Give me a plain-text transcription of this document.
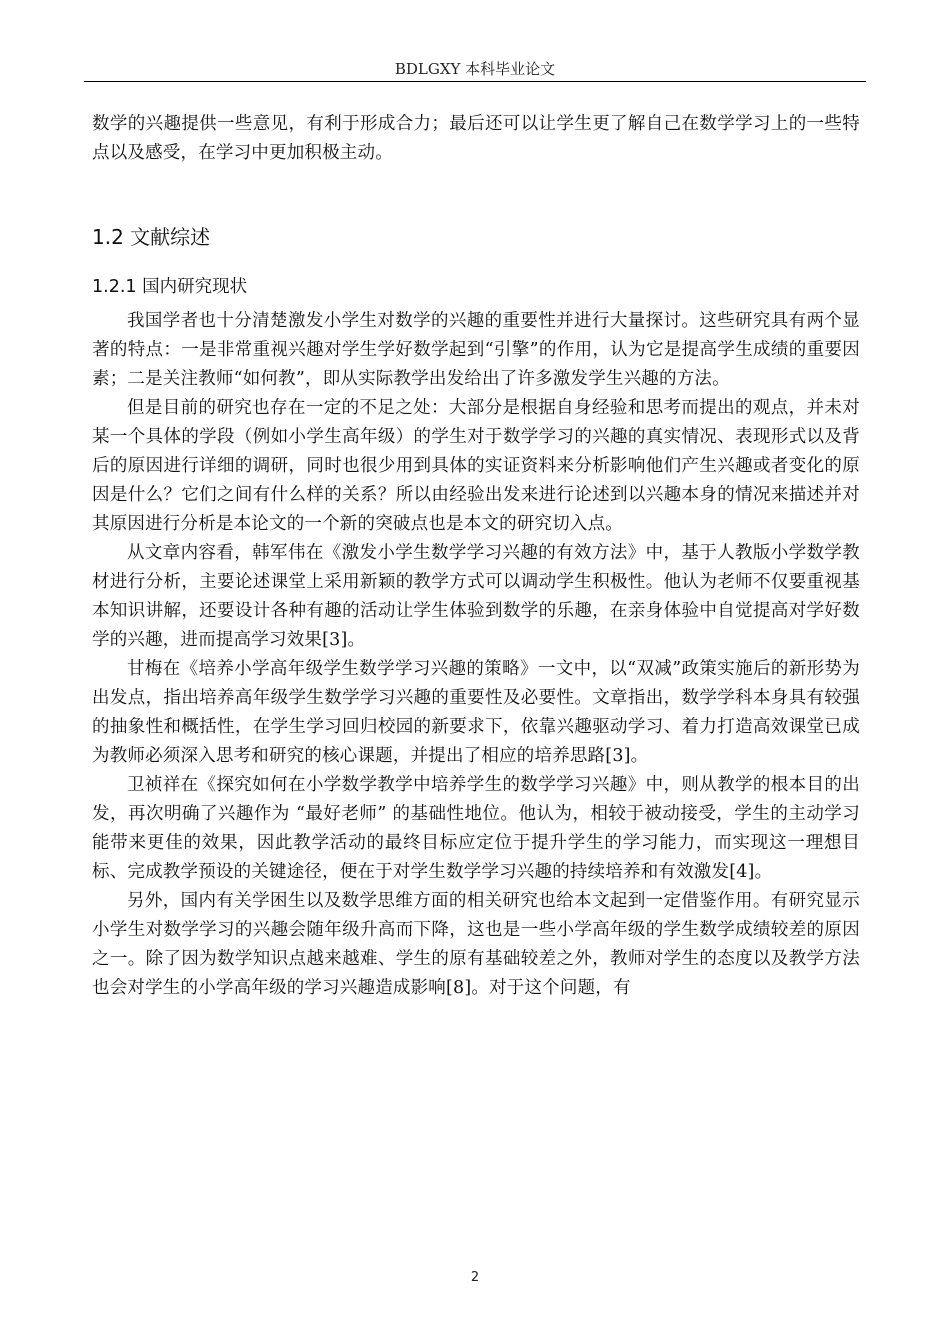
BDLGXY 本科毕业论文

数学的兴趣提供一些意见，有利于形成合力；最后还可以让学生更了解自己在数学学习上的一些特点以及感受，在学习中更加积极主动。

1.2 文献综述
1.2.1 国内研究现状

我国学者也十分清楚激发小学生对数学的兴趣的重要性并进行大量探讨。这些研究具有两个显著的特点：一是非常重视兴趣对学生学好数学起到“引擎”的作用，认为它是提高学生成绩的重要因素；二是关注教师“如何教”，即从实际教学出发给出了许多激发学生兴趣的方法。

但是目前的研究也存在一定的不足之处：大部分是根据自身经验和思考而提出的观点，并未对某一个具体的学段（例如小学生高年级）的学生对于数学学习的兴趣的真实情况、表现形式以及背后的原因进行详细的调研，同时也很少用到具体的实证资料来分析影响他们产生兴趣或者变化的原因是什么？它们之间有什么样的关系？所以由经验出发来进行论述到以兴趣本身的情况来描述并对其原因进行分析是本论文的一个新的突破点也是本文的研究切入点。

从文章内容看，韩军伟在《激发小学生数学学习兴趣的有效方法》中，基于人教版小学数学教材进行分析，主要论述课堂上采用新颖的教学方式可以调动学生积极性。他认为老师不仅要重视基本知识讲解，还要设计各种有趣的活动让学生体验到数学的乐趣，在亲身体验中自觉提高对学好数学的兴趣，进而提高学习效果[3]。

甘梅在《培养小学高年级学生数学学习兴趣的策略》一文中，以“双减”政策实施后的新形势为出发点，指出培养高年级学生数学学习兴趣的重要性及必要性。文章指出，数学学科本身具有较强的抽象性和概括性，在学生学习回归校园的新要求下，依靠兴趣驱动学习、着力打造高效课堂已成为教师必须深入思考和研究的核心课题，并提出了相应的培养思路[3]。

卫祯祥在《探究如何在小学数学教学中培养学生的数学学习兴趣》中，则从教学的根本目的出发，再次明确了兴趣作为 “最好老师” 的基础性地位。他认为，相较于被动接受，学生的主动学习能带来更佳的效果，因此教学活动的最终目标应定位于提升学生的学习能力，而实现这一理想目标、完成教学预设的关键途径，便在于对学生数学学习兴趣的持续培养和有效激发[4]。

另外，国内有关学困生以及数学思维方面的相关研究也给本文起到一定借鉴作用。有研究显示小学生对数学学习的兴趣会随年级升高而下降，这也是一些小学高年级的学生数学成绩较差的原因之一。除了因为数学知识点越来越难、学生的原有基础较差之外，教师对学生的态度以及教学方法也会对学生的小学高年级的学习兴趣造成影响[8]。对于这个问题，有

2
